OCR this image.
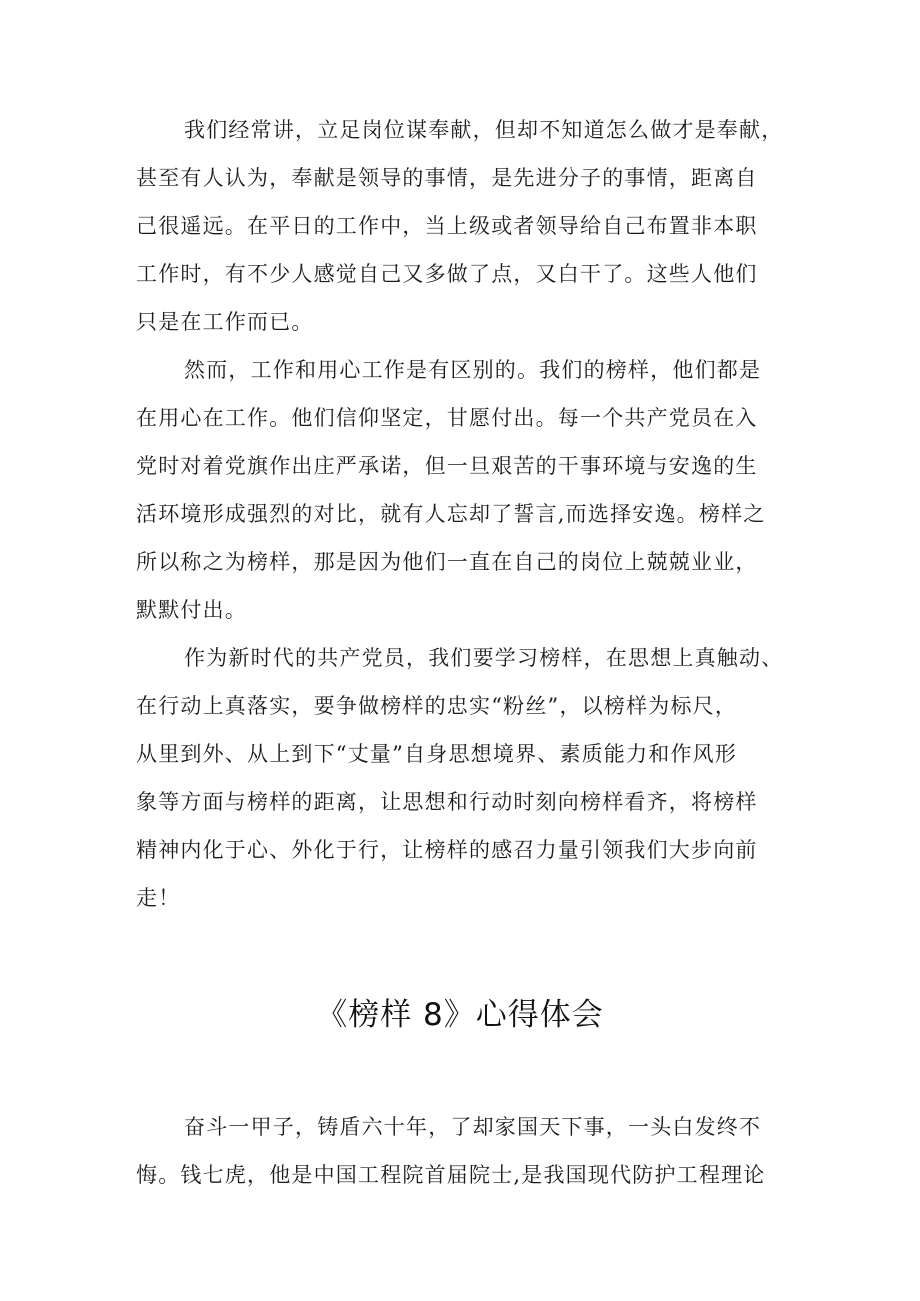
我们经常讲，立足岗位谋奉献，但却不知道怎么做才是奉献，
甚至有人认为，奉献是领导的事情，是先进分子的事情，距离自
己很遥远。在平日的工作中，当上级或者领导给自己布置非本职
工作时，有不少人感觉自己又多做了点，又白干了。这些人他们
只是在工作而已。
然而，工作和用心工作是有区别的。我们的榜样，他们都是
在用心在工作。他们信仰坚定，甘愿付出。每一个共产党员在入
党时对着党旗作出庄严承诺，但一旦艰苦的干事环境与安逸的生
活环境形成强烈的对比，就有人忘却了誓言,而选择安逸。榜样之
所以称之为榜样，那是因为他们一直在自己的岗位上兢兢业业，
默默付出。
作为新时代的共产党员，我们要学习榜样，在思想上真触动、
在行动上真落实，要争做榜样的忠实“粉丝”，以榜样为标尺，
从里到外、从上到下“丈量”自身思想境界、素质能力和作风形
象等方面与榜样的距离，让思想和行动时刻向榜样看齐，将榜样
精神内化于心、外化于行，让榜样的感召力量引领我们大步向前
走！
《榜样 8》心得体会
奋斗一甲子，铸盾六十年，了却家国天下事，一头白发终不
悔。钱七虎，他是中国工程院首届院士,是我国现代防护工程理论
